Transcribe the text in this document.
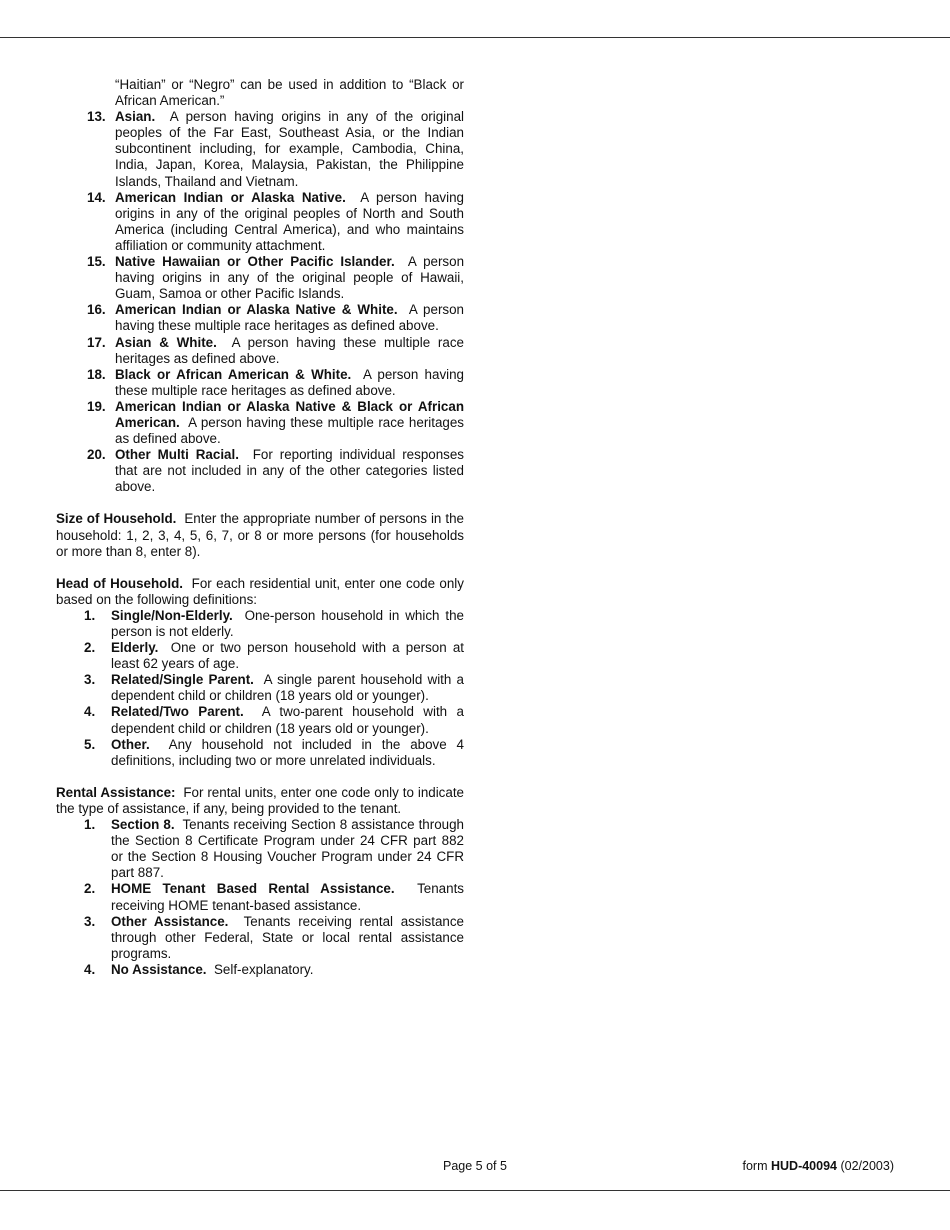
“Haitian” or “Negro” can be used in addition to “Black or African American.”
13. Asian. A person having origins in any of the original peoples of the Far East, Southeast Asia, or the Indian subcontinent including, for example, Cambodia, China, India, Japan, Korea, Malaysia, Pakistan, the Philippine Islands, Thailand and Vietnam.
14. American Indian or Alaska Native. A person having origins in any of the original peoples of North and South America (including Central America), and who maintains affiliation or community attachment.
15. Native Hawaiian or Other Pacific Islander. A person having origins in any of the original people of Hawaii, Guam, Samoa or other Pacific Islands.
16. American Indian or Alaska Native & White. A person having these multiple race heritages as defined above.
17. Asian & White. A person having these multiple race heritages as defined above.
18. Black or African American & White. A person having these multiple race heritages as defined above.
19. American Indian or Alaska Native & Black or African American. A person having these multiple race heritages as defined above.
20. Other Multi Racial. For reporting individual responses that are not included in any of the other categories listed above.

Size of Household. Enter the appropriate number of persons in the household: 1, 2, 3, 4, 5, 6, 7, or 8 or more persons (for households or more than 8, enter 8).

Head of Household. For each residential unit, enter one code only based on the following definitions:

1. Single/Non-Elderly. One-person household in which the person is not elderly.
2. Elderly. One or two person household with a person at least 62 years of age.
3. Related/Single Parent. A single parent household with a dependent child or children (18 years old or younger).
4. Related/Two Parent. A two-parent household with a dependent child or children (18 years old or younger).
5. Other. Any household not included in the above 4 definitions, including two or more unrelated individuals.

Rental Assistance: For rental units, enter one code only to indicate the type of assistance, if any, being provided to the tenant.

1. Section 8. Tenants receiving Section 8 assistance through the Section 8 Certificate Program under 24 CFR part 882 or the Section 8 Housing Voucher Program under 24 CFR part 887.
2. HOME Tenant Based Rental Assistance. Tenants receiving HOME tenant-based assistance.
3. Other Assistance. Tenants receiving rental assistance through other Federal, State or local rental assistance programs.
4. No Assistance. Self-explanatory.
Page 5 of 5	form HUD-40094 (02/2003)
